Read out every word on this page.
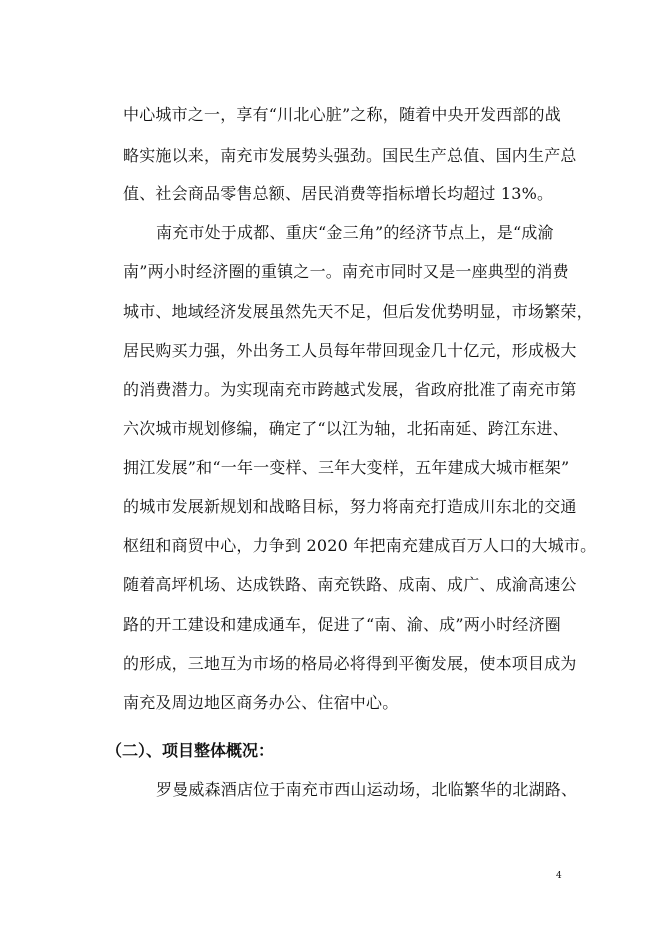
中心城市之一，享有“川北心脏”之称，随着中央开发西部的战
略实施以来，南充市发展势头强劲。国民生产总值、国内生产总
值、社会商品零售总额、居民消费等指标增长均超过 13%。
南充市处于成都、重庆“金三角”的经济节点上，是“成渝
南”两小时经济圈的重镇之一。南充市同时又是一座典型的消费
城市、地域经济发展虽然先天不足，但后发优势明显，市场繁荣，
居民购买力强，外出务工人员每年带回现金几十亿元，形成极大
的消费潜力。为实现南充市跨越式发展，省政府批准了南充市第
六次城市规划修编，确定了“以江为轴，北拓南延、跨江东进、
拥江发展”和“一年一变样、三年大变样，五年建成大城市框架”
的城市发展新规划和战略目标，努力将南充打造成川东北的交通
枢纽和商贸中心，力争到 2020 年把南充建成百万人口的大城市。
随着高坪机场、达成铁路、南充铁路、成南、成广、成渝高速公
路的开工建设和建成通车，促进了“南、渝、成”两小时经济圈
的形成，三地互为市场的格局必将得到平衡发展，使本项目成为
南充及周边地区商务办公、住宿中心。
（二）、项目整体概况：
罗曼威森酒店位于南充市西山运动场，北临繁华的北湖路、
4
